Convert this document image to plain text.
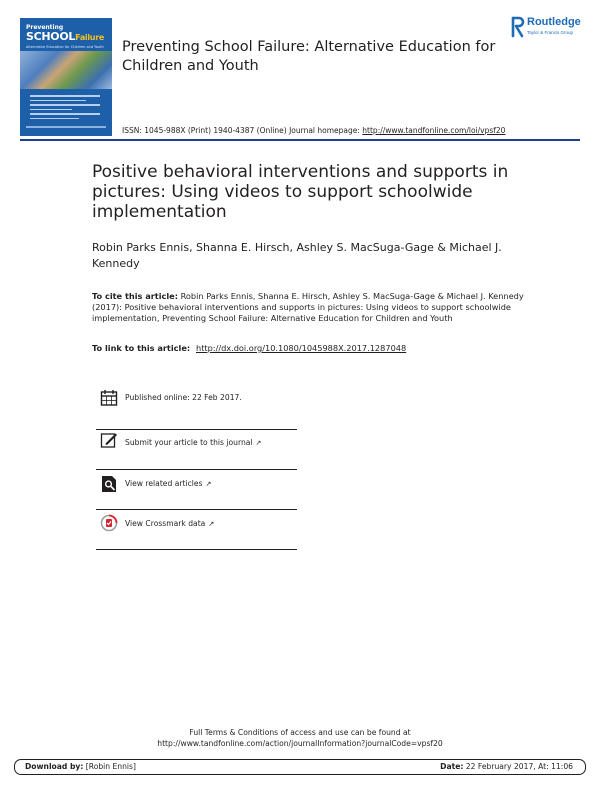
Preventing
SCHOOLFailure
Alternative Education for Children and Youth Preventing School Failure: Alternative Education for Children and Youth
Routledge
Taylor & Francis Group
ISSN: 1045-988X (Print) 1940-4387 (Online) Journal homepage: http://www.tandfonline.com/loi/vpsf20
Positive behavioral interventions and supports in pictures: Using videos to support schoolwide implementation
Robin Parks Ennis, Shanna E. Hirsch, Ashley S. MacSuga-Gage & Michael J. Kennedy
To cite this article: Robin Parks Ennis, Shanna E. Hirsch, Ashley S. MacSuga-Gage & Michael J. Kennedy (2017): Positive behavioral interventions and supports in pictures: Using videos to support schoolwide implementation, Preventing School Failure: Alternative Education for Children and Youth
To link to this article: http://dx.doi.org/10.1080/1045988X.2017.1287048
Published online: 22 Feb 2017.
Submit your article to this journal ↗
View related articles ↗
View Crossmark data ↗
Full Terms & Conditions of access and use can be found at
http://www.tandfonline.com/action/journalInformation?journalCode=vpsf20
Download by: [Robin Ennis]	Date: 22 February 2017, At: 11:06
